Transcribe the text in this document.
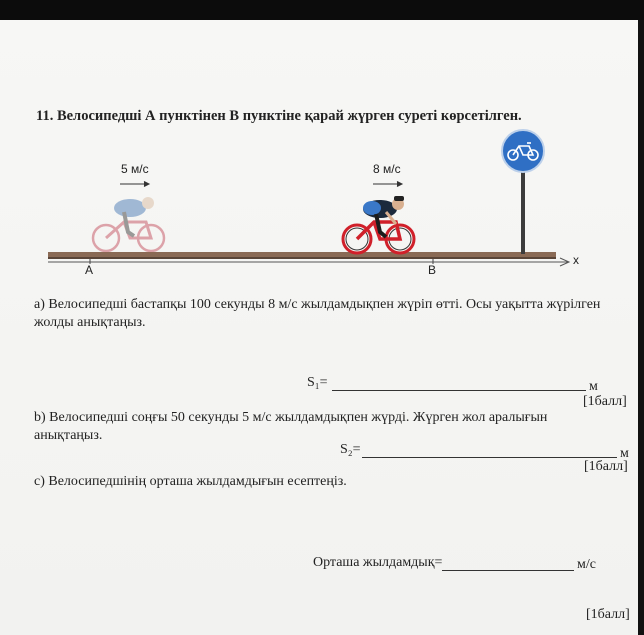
11. Велосипедші А пунктінен В пунктіне қарай жүрген суреті көрсетілген.
5 м/с	8 м/с
A	B
x
а) Велосипедші бастапқы 100 секунды 8 м/с жылдамдықпен жүріп өтті. Осы уақытта жүрілген
жолды анықтаңыз.
S₁=	м
[1балл]
b) Велосипедші соңғы 50 секунды 5 м/с жылдамдықпен жүрді. Жүрген жол аралығын
анықтаңыз.
S₂=	м
[1балл]
с) Велосипедшінің орташа жылдамдығын есептеңіз.
Орташа жылдамдық=	м/с
[1балл]
